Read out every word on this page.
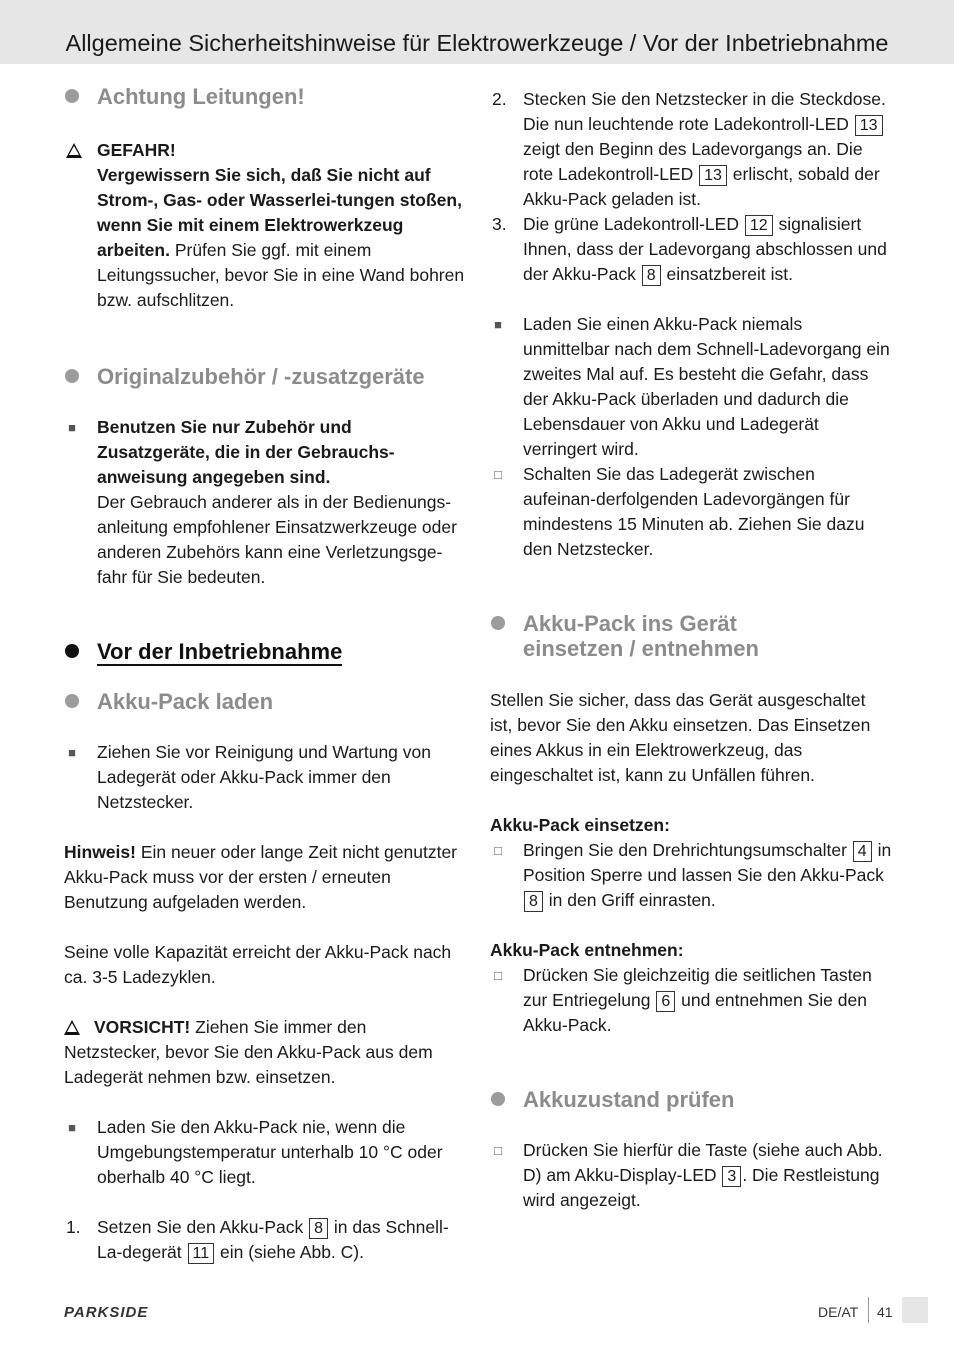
Allgemeine Sicherheitshinweise für Elektrowerkzeuge / Vor der Inbetriebnahme
Achtung Leitungen!
GEFAHR!
Vergewissern Sie sich, daß Sie nicht auf Strom-, Gas- oder Wasserlei-tungen stoßen, wenn Sie mit einem Elektrowerkzeug arbeiten. Prüfen Sie ggf. mit einem Leitungssucher, bevor Sie in eine Wand bohren bzw. aufschlitzen.
Originalzubehör / -zusatzgeräte
■ Benutzen Sie nur Zubehör und Zusatzgeräte, die in der Gebrauchs-anweisung angegeben sind.
Der Gebrauch anderer als in der Bedienungs-anleitung empfohlener Einsatzwerkzeuge oder anderen Zubehörs kann eine Verletzungsge-fahr für Sie bedeuten.
Vor der Inbetriebnahme
Akku-Pack laden
■ Ziehen Sie vor Reinigung und Wartung von Ladegerät oder Akku-Pack immer den Netzstecker.

Hinweis! Ein neuer oder lange Zeit nicht genutzter Akku-Pack muss vor der ersten / erneuten Benutzung aufgeladen werden.

Seine volle Kapazität erreicht der Akku-Pack nach ca. 3-5 Ladezyklen.

VORSICHT! Ziehen Sie immer den Netzstecker, bevor Sie den Akku-Pack aus dem Ladegerät nehmen bzw. einsetzen.

■ Laden Sie den Akku-Pack nie, wenn die Umgebungstemperatur unterhalb 10 °C oder oberhalb 40 °C liegt.
1. Setzen Sie den Akku-Pack 8 in das Schnell-La-degerät 11 ein (siehe Abb. C).
2. Stecken Sie den Netzstecker in die Steckdose. Die nun leuchtende rote Ladekontroll-LED 13 zeigt den Beginn des Ladevorgangs an. Die rote Ladekontroll-LED 13 erlischt, sobald der Akku-Pack geladen ist.
3. Die grüne Ladekontroll-LED 12 signalisiert Ihnen, dass der Ladevorgang abschlossen und der Akku-Pack 8 einsatzbereit ist.
■ Laden Sie einen Akku-Pack niemals unmittelbar nach dem Schnell-Ladevorgang ein zweites Mal auf. Es besteht die Gefahr, dass der Akku-Pack überladen und dadurch die Lebensdauer von Akku und Ladegerät verringert wird.
□ Schalten Sie das Ladegerät zwischen aufeinan-derfolgenden Ladevorgängen für mindestens 15 Minuten ab. Ziehen Sie dazu den Netzstecker.
Akku-Pack ins Gerät
einsetzen / entnehmen

Stellen Sie sicher, dass das Gerät ausgeschaltet ist, bevor Sie den Akku einsetzen. Das Einsetzen eines Akkus in ein Elektrowerkzeug, das eingeschaltet ist, kann zu Unfällen führen.

Akku-Pack einsetzen:

□ Bringen Sie den Drehrichtungsumschalter 4 in Position Sperre und lassen Sie den Akku-Pack 8 in den Griff einrasten.

Akku-Pack entnehmen:

□ Drücken Sie gleichzeitig die seitlichen Tasten zur Entriegelung 6 und entnehmen Sie den Akku-Pack.
Akkuzustand prüfen
□ Drücken Sie hierfür die Taste (siehe auch Abb. D) am Akku-Display-LED 3 . Die Restleistung wird angezeigt.
PARKSIDE	DE/AT 41
